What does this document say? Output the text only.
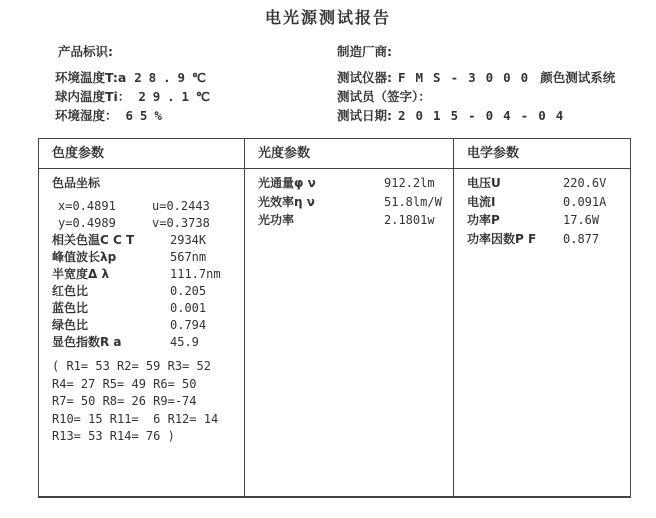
电光源测试报告
产品标识:	制造厂商:
环境温度T:a 28.9℃
球内温度Ti： 29.1℃
环境湿度： 65%
测试仪器: FMS-3000 颜色测试系统
测试员（签字）：
测试日期: 2015-04-04
色度参数
色品坐标
x=0.4891	u=0.2443
y=0.4989	v=0.3738
相关色温C C T	2934K
峰值波长λp	567nm
半宽度Δ λ	111.7nm
红色比	0.205
蓝色比	0.001
绿色比	0.794
显色指数R a	45.9
( R1= 53 R2= 59 R3= 52
R4= 27 R5= 49 R6= 50
R7= 50 R8= 26 R9=-74
R10= 15 R11=  6 R12= 14
R13= 53 R14= 76 )
光度参数
光通量φ ν	912.2lm
光效率η ν	51.8lm/W
光功率	2.1801w
电学参数
电压U	220.6V
电流I	0.091A
功率P	17.6W
功率因数P F 0.877
